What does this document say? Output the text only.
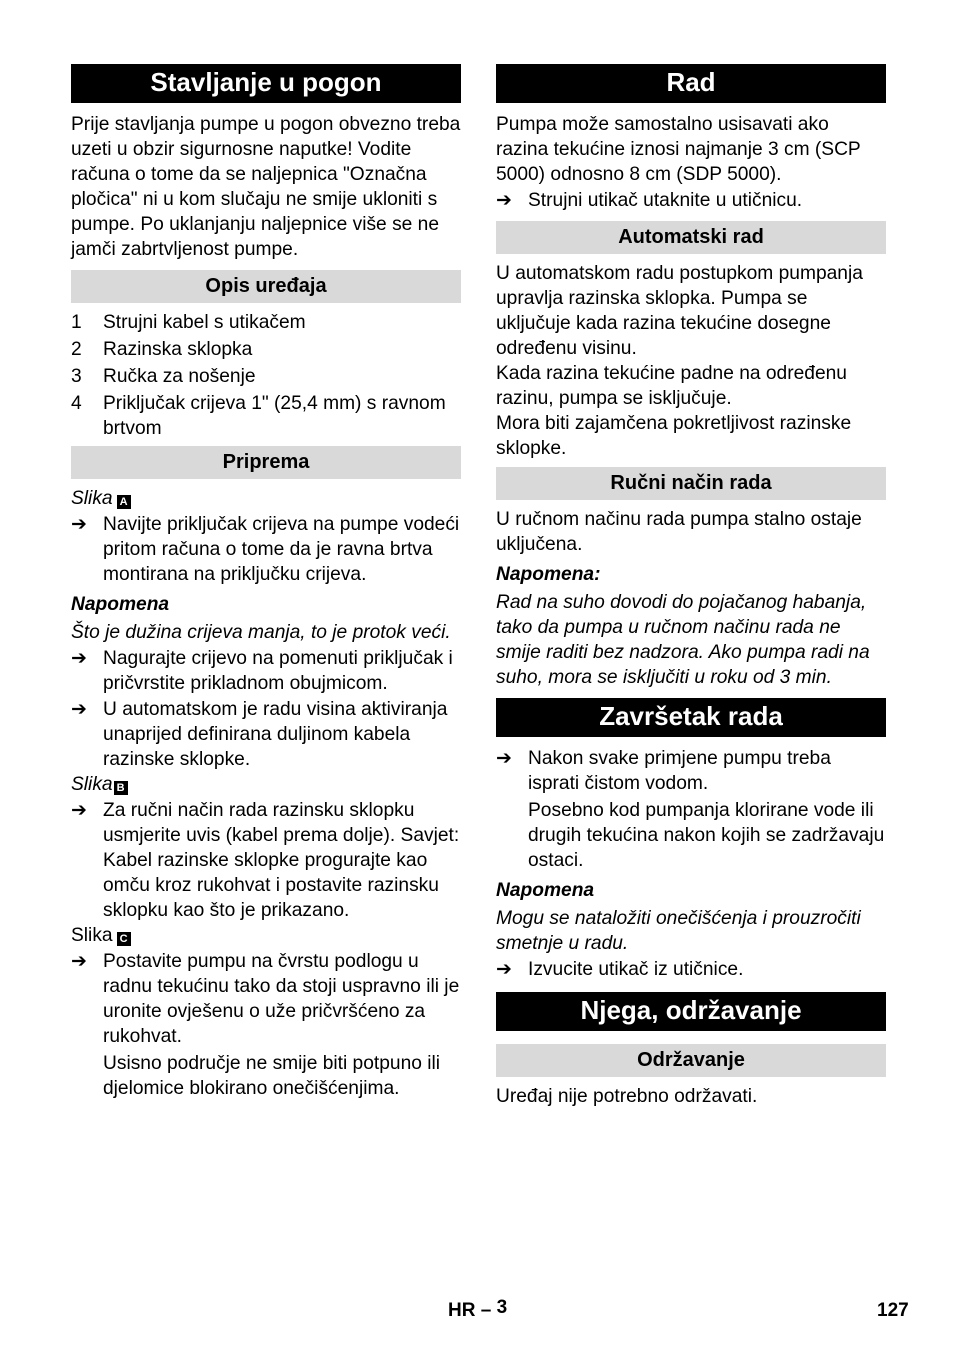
Stavljanje u pogon

Prije stavljanja pumpe u pogon obvezno treba uzeti u obzir sigurnosne naputke! Vodite računa o tome da se naljepnica "Označna pločica" ni u kom slučaju ne smije ukloniti s pumpe. Po uklanjanju naljepnice više se ne jamči zabrtvljenost pumpe.

Opis uređaja
1	Strujni kabel s utikačem
2	Razinska sklopka
3	Ručka za nošenje
4	Priključak crijeva 1" (25,4 mm) s ravnom brtvom
Priprema

Slika A

➔ Navijte priključak crijeva na pumpe vodeći pritom računa o tome da je ravna brtva montirana na priključku crijeva.

Napomena

Što je dužina crijeva manja, to je protok veći.

➔ Nagurajte crijevo na pomenuti priključak i pričvrstite prikladnom obujmicom.
➔ U automatskom je radu visina aktiviranja unaprijed definirana duljinom kabela razinske sklopke.

Slika B

➔ Za ručni način rada razinsku sklopku usmjerite uvis (kabel prema dolje). Savjet: Kabel razinske sklopke progurajte kao omču kroz rukohvat i postavite razinsku sklopku kao što je prikazano.

Slika C

➔ Postavite pumpu na čvrstu podlogu u radnu tekućinu tako da stoji uspravno ili je uronite ovješenu o uže pričvršćeno za rukohvat.

Usisno područje ne smije biti potpuno ili djelomice blokirano onečišćenjima.

Rad

Pumpa može samostalno usisavati ako razina tekućine iznosi najmanje 3 cm (SCP 5000) odnosno 8 cm (SDP 5000).

➔ Strujni utikač utaknite u utičnicu.
Automatski rad

U automatskom radu postupkom pumpanja upravlja razinska sklopka. Pumpa se uključuje kada razina tekućine dosegne određenu visinu.

Kada razina tekućine padne na određenu razinu, pumpa se isključuje.

Mora biti zajamčena pokretljivost razinske sklopke.

Ručni način rada

U ručnom načinu rada pumpa stalno ostaje uključena.

Napomena:

Rad na suho dovodi do pojačanog habanja, tako da pumpa u ručnom načinu rada ne smije raditi bez nadzora. Ako pumpa radi na suho, mora se isključiti u roku od 3 min.

Završetak rada
➔ Nakon svake primjene pumpu treba isprati čistom vodom.

Posebno kod pumpanja klorirane vode ili drugih tekućina nakon kojih se zadržavaju ostaci.

Napomena

Mogu se nataložiti onečišćenja i prouzročiti smetnje u radu.

➔ Izvucite utikač iz utičnice.
Njega, održavanje
Održavanje

Uređaj nije potrebno održavati.

HR – 3	127
